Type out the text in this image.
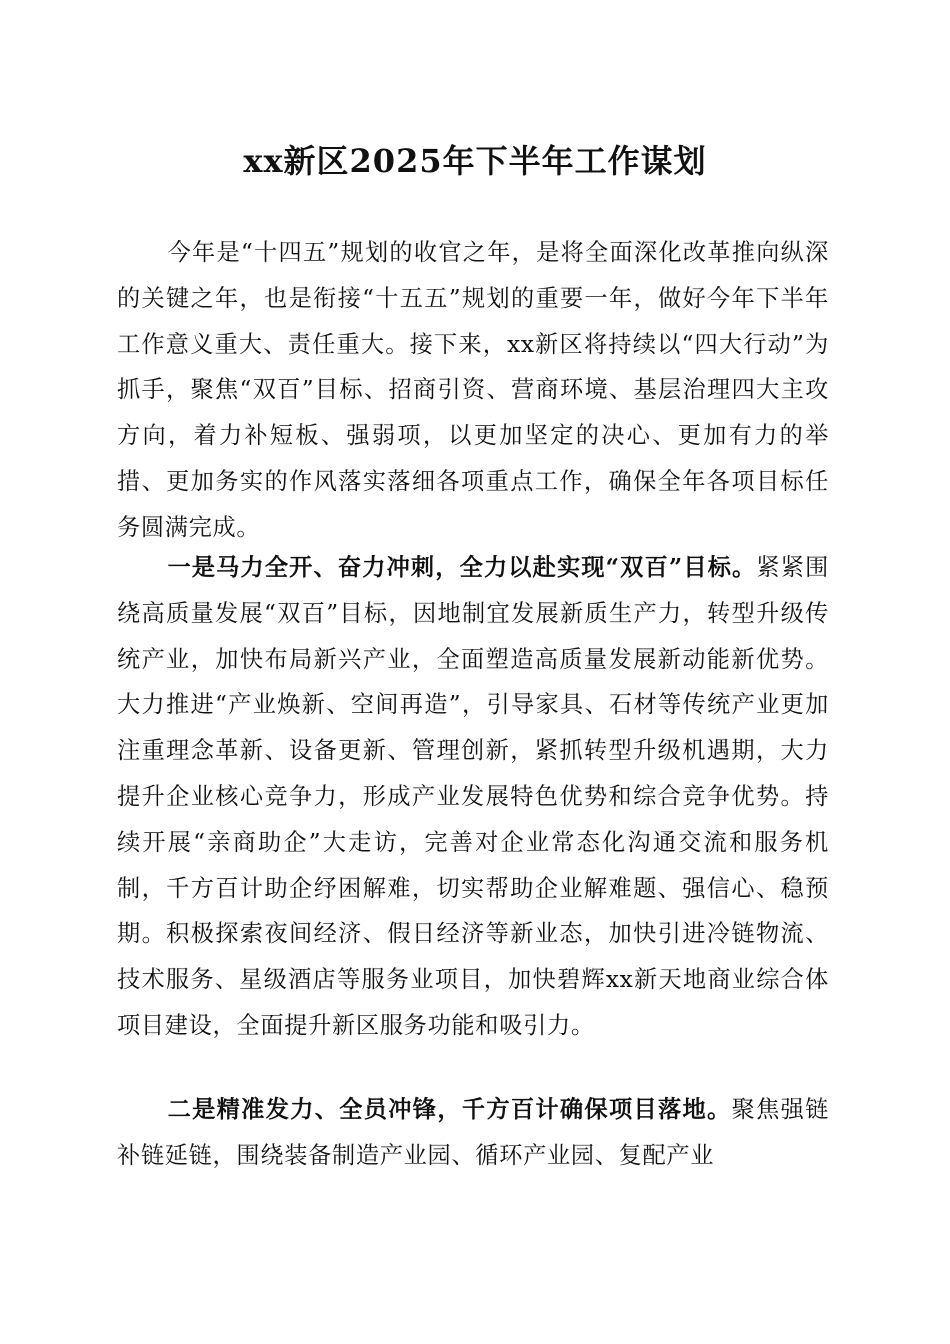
xx新区2025年下半年工作谋划

今年是“十四五”规划的收官之年，是将全面深化改革推向纵深的关键之年，也是衔接“十五五”规划的重要一年，做好今年下半年工作意义重大、责任重大。接下来，xx新区将持续以“四大行动”为抓手，聚焦“双百”目标、招商引资、营商环境、基层治理四大主攻方向，着力补短板、强弱项，以更加坚定的决心、更加有力的举措、更加务实的作风落实落细各项重点工作，确保全年各项目标任务圆满完成。

一是马力全开、奋力冲刺，全力以赴实现“双百”目标。紧紧围绕高质量发展“双百”目标，因地制宜发展新质生产力，转型升级传统产业，加快布局新兴产业，全面塑造高质量发展新动能新优势。大力推进“产业焕新、空间再造”，引导家具、石材等传统产业更加注重理念革新、设备更新、管理创新，紧抓转型升级机遇期，大力提升企业核心竞争力，形成产业发展特色优势和综合竞争优势。持续开展“亲商助企”大走访，完善对企业常态化沟通交流和服务机制，千方百计助企纾困解难，切实帮助企业解难题、强信心、稳预期。积极探索夜间经济、假日经济等新业态，加快引进冷链物流、技术服务、星级酒店等服务业项目，加快碧辉xx新天地商业综合体项目建设，全面提升新区服务功能和吸引力。

二是精准发力、全员冲锋，千方百计确保项目落地。聚焦强链补链延链，围绕装备制造产业园、循环产业园、复配产业
